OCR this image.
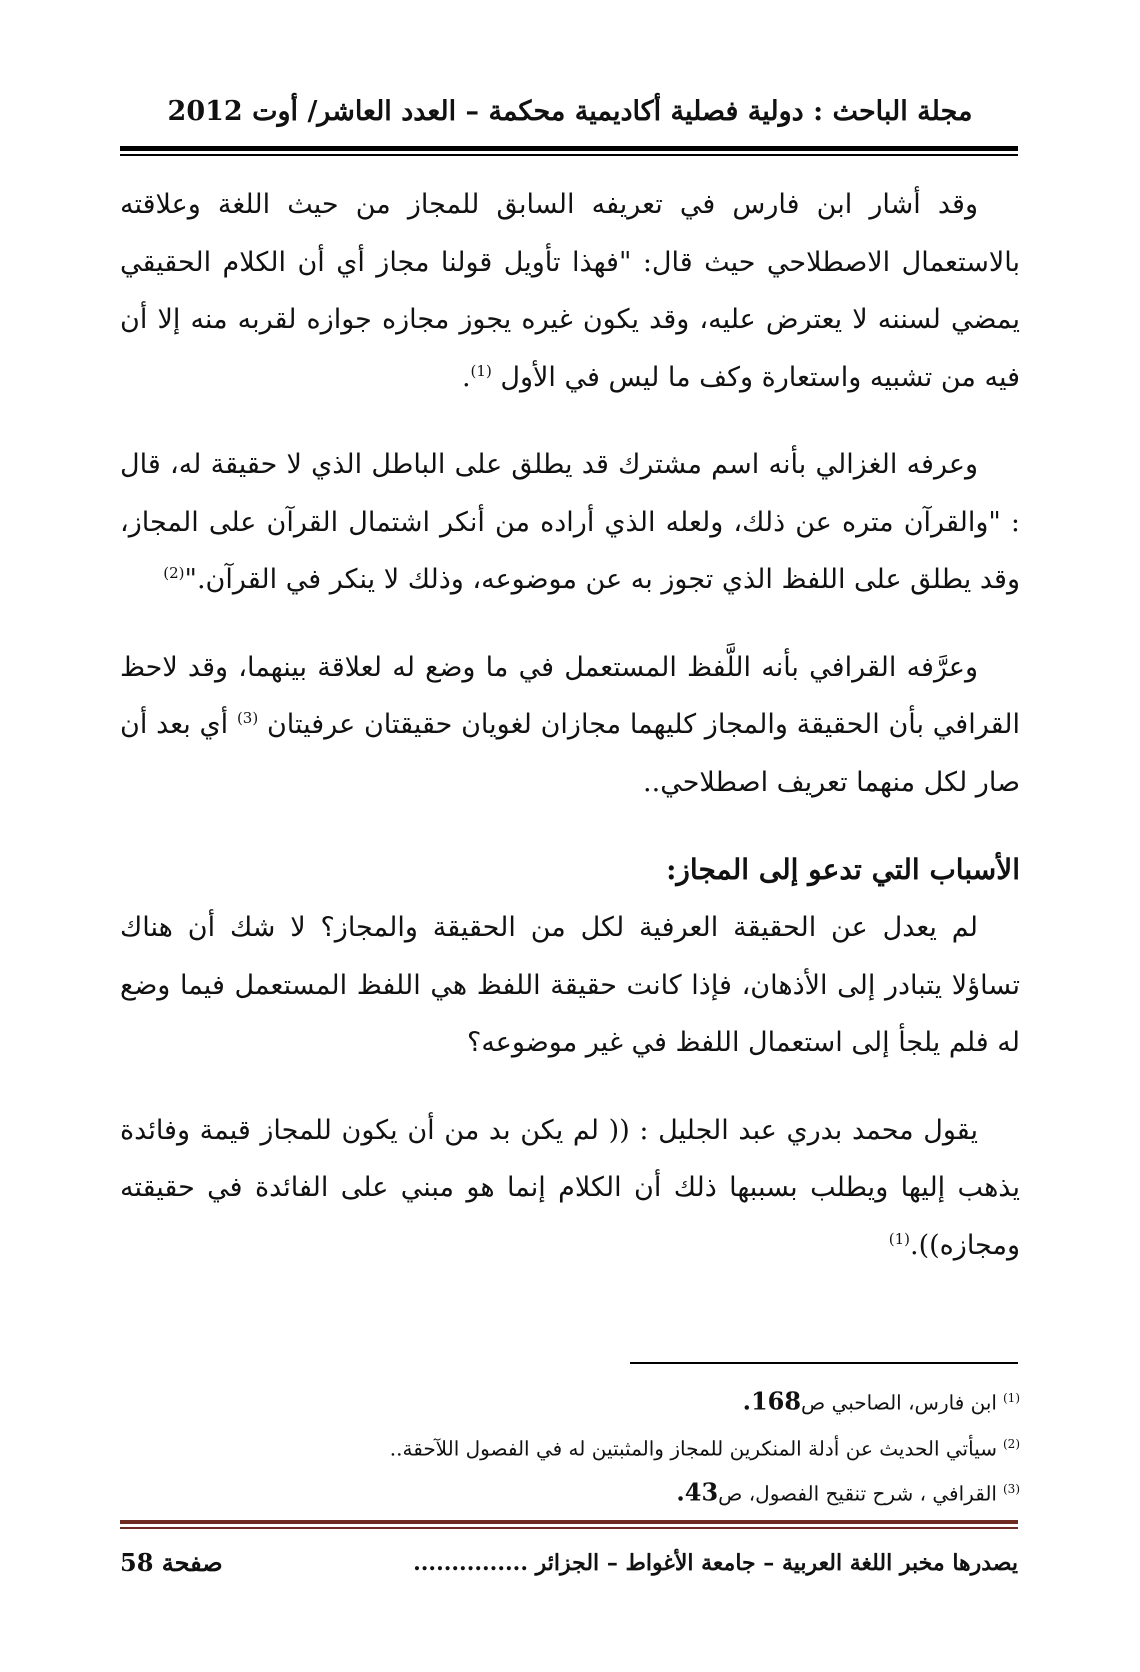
مجلة الباحث : دولية فصلية أكاديمية محكمة – العدد العاشر/ أوت 2012

وقد أشار ابن فارس في تعريفه السابق للمجاز من حيث اللغة وعلاقته بالاستعمال الاصطلاحي حيث قال: "فهذا تأويل قولنا مجاز أي أن الكلام الحقيقي يمضي لسننه لا يعترض عليه، وقد يكون غيره يجوز مجازه جوازه لقربه منه إلا أن فيه من تشبيه واستعارة وكف ما ليس في الأول $^{(1)}$.

وعرفه الغزالي بأنه اسم مشترك قد يطلق على الباطل الذي لا حقيقة له، قال : "والقرآن متره عن ذلك، ولعله الذي أراده من أنكر اشتمال القرآن على المجاز، وقد يطلق على اللفظ الذي تجوز به عن موضوعه، وذلك لا ينكر في القرآن."$^{(2)}$

وعرَّفه القرافي بأنه اللَّفظ المستعمل في ما وضع له لعلاقة بينهما، وقد لاحظ القرافي بأن الحقيقة والمجاز كليهما مجازان لغويان حقيقتان عرفيتان $^{(3)}$ أي بعد أن صار لكل منهما تعريف اصطلاحي..

الأسباب التي تدعو إلى المجاز:

لم يعدل عن الحقيقة العرفية لكل من الحقيقة والمجاز؟ لا شك أن هناك تساؤلا يتبادر إلى الأذهان، فإذا كانت حقيقة اللفظ هي اللفظ المستعمل فيما وضع له فلم يلجأ إلى استعمال اللفظ في غير موضوعه؟

يقول محمد بدري عبد الجليل : (( لم يكن بد من أن يكون للمجاز قيمة وفائدة يذهب إليها ويطلب بسببها ذلك أن الكلام إنما هو مبني على الفائدة في حقيقته ومجازه)).$^{(1)}$

$^{(1)}$ابن فارس، الصاحبي ص168.

$^{(2)}$سيأتي الحديث عن أدلة المنكرين للمجاز والمثبتين له في الفصول اللآحقة..

$^{(3)}$القرافي ، شرح تنقيح الفصول، ص43.

يصدرها مخبر اللغة العربية – جامعة الأغواط – الجزائر ...............
صفحة 58
